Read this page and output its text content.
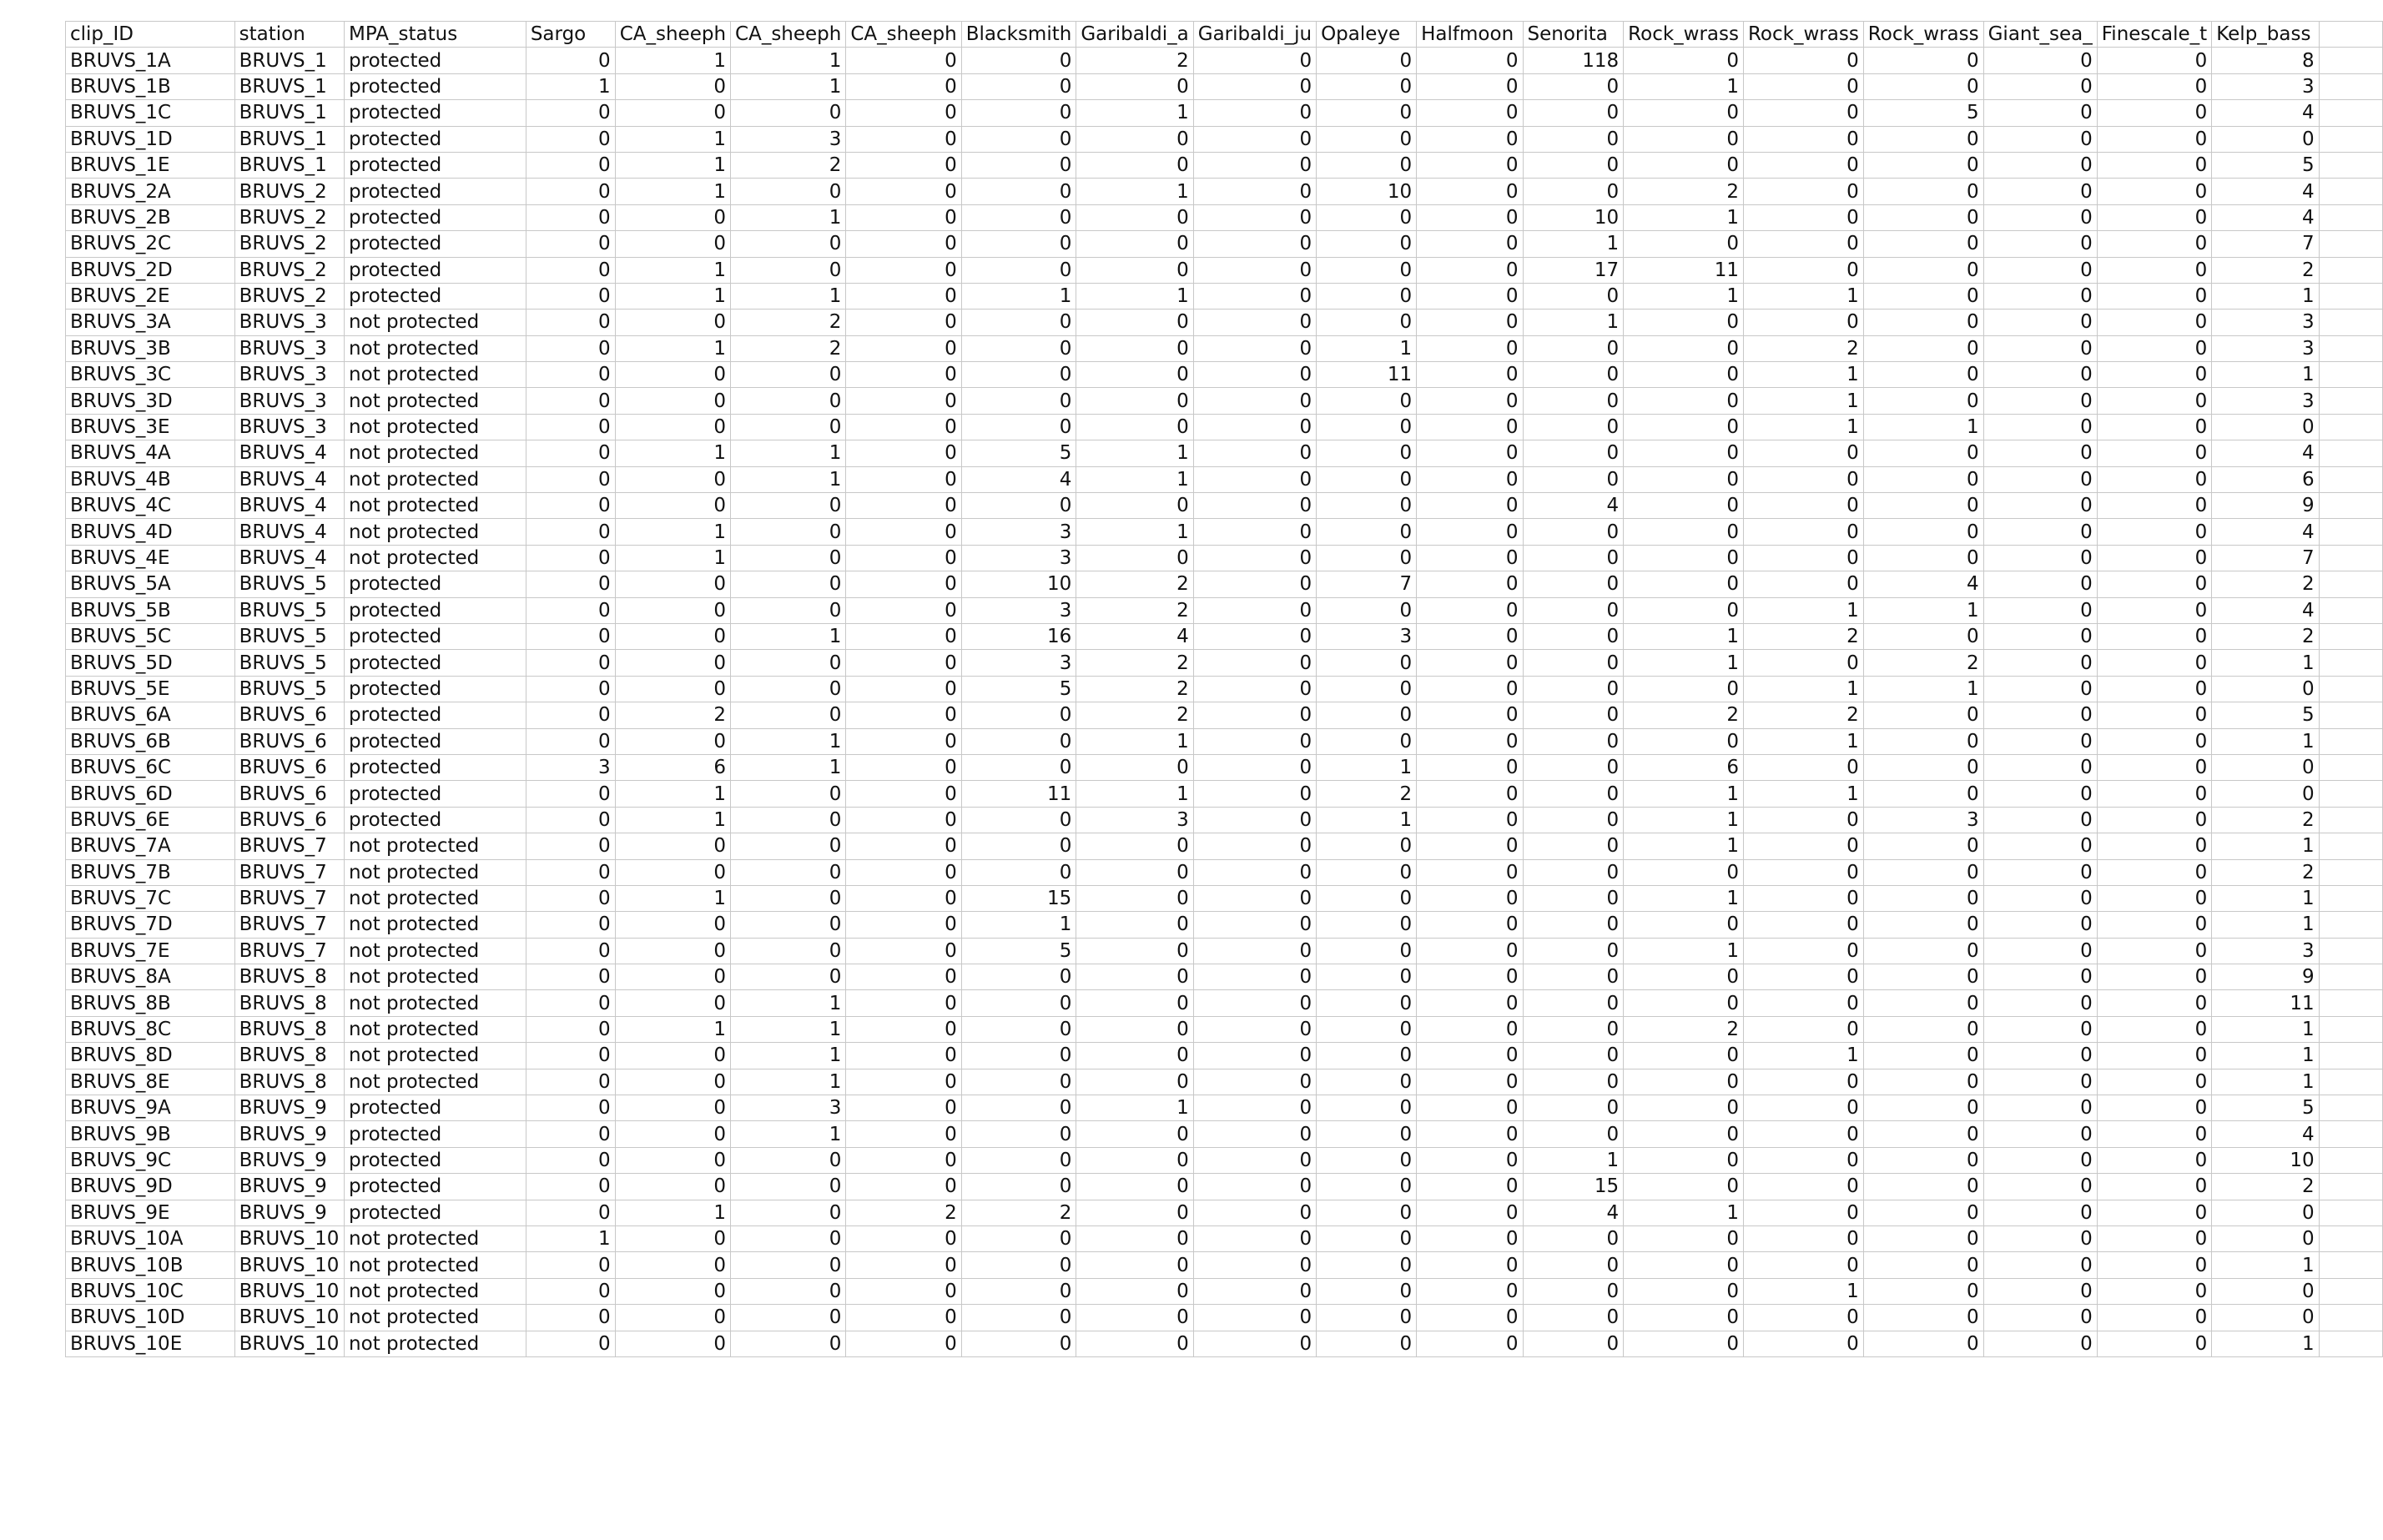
clip_ID	station	MPA_status	Sargo	CA_sheeph	CA_sheeph	CA_sheeph	Blacksmith	Garibaldi_a	Garibaldi_ju	Opaleye	Halfmoon	Senorita	Rock_wrass	Rock_wrass	Rock_wrass	Giant_sea_	Finescale_t	Kelp_bass	
BRUVS_1A	BRUVS_1	protected	0	1	1	0	0	2	0	0	0	118	0	0	0	0	0	8	
BRUVS_1B	BRUVS_1	protected	1	0	1	0	0	0	0	0	0	0	1	0	0	0	0	3	
BRUVS_1C	BRUVS_1	protected	0	0	0	0	0	1	0	0	0	0	0	0	5	0	0	4	
BRUVS_1D	BRUVS_1	protected	0	1	3	0	0	0	0	0	0	0	0	0	0	0	0	0	
BRUVS_1E	BRUVS_1	protected	0	1	2	0	0	0	0	0	0	0	0	0	0	0	0	5	
BRUVS_2A	BRUVS_2	protected	0	1	0	0	0	1	0	10	0	0	2	0	0	0	0	4	
BRUVS_2B	BRUVS_2	protected	0	0	1	0	0	0	0	0	0	10	1	0	0	0	0	4	
BRUVS_2C	BRUVS_2	protected	0	0	0	0	0	0	0	0	0	1	0	0	0	0	0	7	
BRUVS_2D	BRUVS_2	protected	0	1	0	0	0	0	0	0	0	17	11	0	0	0	0	2	
BRUVS_2E	BRUVS_2	protected	0	1	1	0	1	1	0	0	0	0	1	1	0	0	0	1	
BRUVS_3A	BRUVS_3	not protected	0	0	2	0	0	0	0	0	0	1	0	0	0	0	0	3	
BRUVS_3B	BRUVS_3	not protected	0	1	2	0	0	0	0	1	0	0	0	2	0	0	0	3	
BRUVS_3C	BRUVS_3	not protected	0	0	0	0	0	0	0	11	0	0	0	1	0	0	0	1	
BRUVS_3D	BRUVS_3	not protected	0	0	0	0	0	0	0	0	0	0	0	1	0	0	0	3	
BRUVS_3E	BRUVS_3	not protected	0	0	0	0	0	0	0	0	0	0	0	1	1	0	0	0	
BRUVS_4A	BRUVS_4	not protected	0	1	1	0	5	1	0	0	0	0	0	0	0	0	0	4	
BRUVS_4B	BRUVS_4	not protected	0	0	1	0	4	1	0	0	0	0	0	0	0	0	0	6	
BRUVS_4C	BRUVS_4	not protected	0	0	0	0	0	0	0	0	0	4	0	0	0	0	0	9	
BRUVS_4D	BRUVS_4	not protected	0	1	0	0	3	1	0	0	0	0	0	0	0	0	0	4	
BRUVS_4E	BRUVS_4	not protected	0	1	0	0	3	0	0	0	0	0	0	0	0	0	0	7	
BRUVS_5A	BRUVS_5	protected	0	0	0	0	10	2	0	7	0	0	0	0	4	0	0	2	
BRUVS_5B	BRUVS_5	protected	0	0	0	0	3	2	0	0	0	0	0	1	1	0	0	4	
BRUVS_5C	BRUVS_5	protected	0	0	1	0	16	4	0	3	0	0	1	2	0	0	0	2	
BRUVS_5D	BRUVS_5	protected	0	0	0	0	3	2	0	0	0	0	1	0	2	0	0	1	
BRUVS_5E	BRUVS_5	protected	0	0	0	0	5	2	0	0	0	0	0	1	1	0	0	0	
BRUVS_6A	BRUVS_6	protected	0	2	0	0	0	2	0	0	0	0	2	2	0	0	0	5	
BRUVS_6B	BRUVS_6	protected	0	0	1	0	0	1	0	0	0	0	0	1	0	0	0	1	
BRUVS_6C	BRUVS_6	protected	3	6	1	0	0	0	0	1	0	0	6	0	0	0	0	0	
BRUVS_6D	BRUVS_6	protected	0	1	0	0	11	1	0	2	0	0	1	1	0	0	0	0	
BRUVS_6E	BRUVS_6	protected	0	1	0	0	0	3	0	1	0	0	1	0	3	0	0	2	
BRUVS_7A	BRUVS_7	not protected	0	0	0	0	0	0	0	0	0	0	1	0	0	0	0	1	
BRUVS_7B	BRUVS_7	not protected	0	0	0	0	0	0	0	0	0	0	0	0	0	0	0	2	
BRUVS_7C	BRUVS_7	not protected	0	1	0	0	15	0	0	0	0	0	1	0	0	0	0	1	
BRUVS_7D	BRUVS_7	not protected	0	0	0	0	1	0	0	0	0	0	0	0	0	0	0	1	
BRUVS_7E	BRUVS_7	not protected	0	0	0	0	5	0	0	0	0	0	1	0	0	0	0	3	
BRUVS_8A	BRUVS_8	not protected	0	0	0	0	0	0	0	0	0	0	0	0	0	0	0	9	
BRUVS_8B	BRUVS_8	not protected	0	0	1	0	0	0	0	0	0	0	0	0	0	0	0	11	
BRUVS_8C	BRUVS_8	not protected	0	1	1	0	0	0	0	0	0	0	2	0	0	0	0	1	
BRUVS_8D	BRUVS_8	not protected	0	0	1	0	0	0	0	0	0	0	0	1	0	0	0	1	
BRUVS_8E	BRUVS_8	not protected	0	0	1	0	0	0	0	0	0	0	0	0	0	0	0	1	
BRUVS_9A	BRUVS_9	protected	0	0	3	0	0	1	0	0	0	0	0	0	0	0	0	5	
BRUVS_9B	BRUVS_9	protected	0	0	1	0	0	0	0	0	0	0	0	0	0	0	0	4	
BRUVS_9C	BRUVS_9	protected	0	0	0	0	0	0	0	0	0	1	0	0	0	0	0	10	
BRUVS_9D	BRUVS_9	protected	0	0	0	0	0	0	0	0	0	15	0	0	0	0	0	2	
BRUVS_9E	BRUVS_9	protected	0	1	0	2	2	0	0	0	0	4	1	0	0	0	0	0	
BRUVS_10A	BRUVS_10	not protected	1	0	0	0	0	0	0	0	0	0	0	0	0	0	0	0	
BRUVS_10B	BRUVS_10	not protected	0	0	0	0	0	0	0	0	0	0	0	0	0	0	0	1	
BRUVS_10C	BRUVS_10	not protected	0	0	0	0	0	0	0	0	0	0	0	1	0	0	0	0	
BRUVS_10D	BRUVS_10	not protected	0	0	0	0	0	0	0	0	0	0	0	0	0	0	0	0	
BRUVS_10E	BRUVS_10	not protected	0	0	0	0	0	0	0	0	0	0	0	0	0	0	0	1	
